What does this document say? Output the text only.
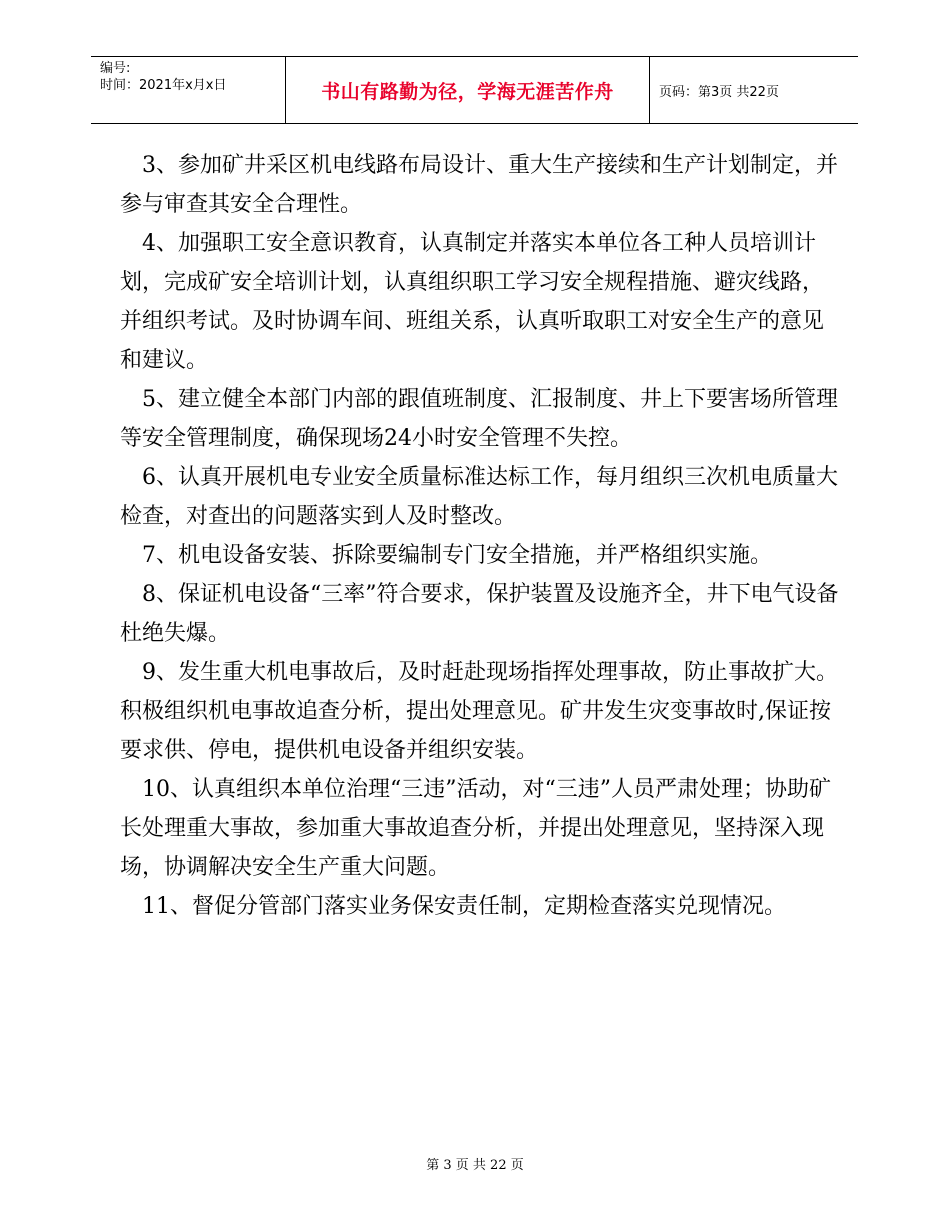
编号:
时间：2021年x月x日	书山有路勤为径，学海无涯苦作舟	页码：第3页 共22页

3、参加矿井采区机电线路布局设计、重大生产接续和生产计划制定，并参与审查其安全合理性。

4、加强职工安全意识教育，认真制定并落实本单位各工种人员培训计划，完成矿安全培训计划，认真组织职工学习安全规程措施、避灾线路，并组织考试。及时协调车间、班组关系，认真听取职工对安全生产的意见和建议。

5、建立健全本部门内部的跟值班制度、汇报制度、井上下要害场所管理等安全管理制度，确保现场24小时安全管理不失控。

6、认真开展机电专业安全质量标准达标工作，每月组织三次机电质量大检查，对查出的问题落实到人及时整改。

7、机电设备安装、拆除要编制专门安全措施，并严格组织实施。

8、保证机电设备“三率”符合要求，保护装置及设施齐全，井下电气设备杜绝失爆。

9、发生重大机电事故后，及时赶赴现场指挥处理事故，防止事故扩大。积极组织机电事故追查分析，提出处理意见。矿井发生灾变事故时,保证按要求供、停电，提供机电设备并组织安装。

10、认真组织本单位治理“三违”活动，对“三违”人员严肃处理；协助矿长处理重大事故，参加重大事故追查分析，并提出处理意见，坚持深入现场，协调解决安全生产重大问题。

11、督促分管部门落实业务保安责任制，定期检查落实兑现情况。

第 3 页 共 22 页
